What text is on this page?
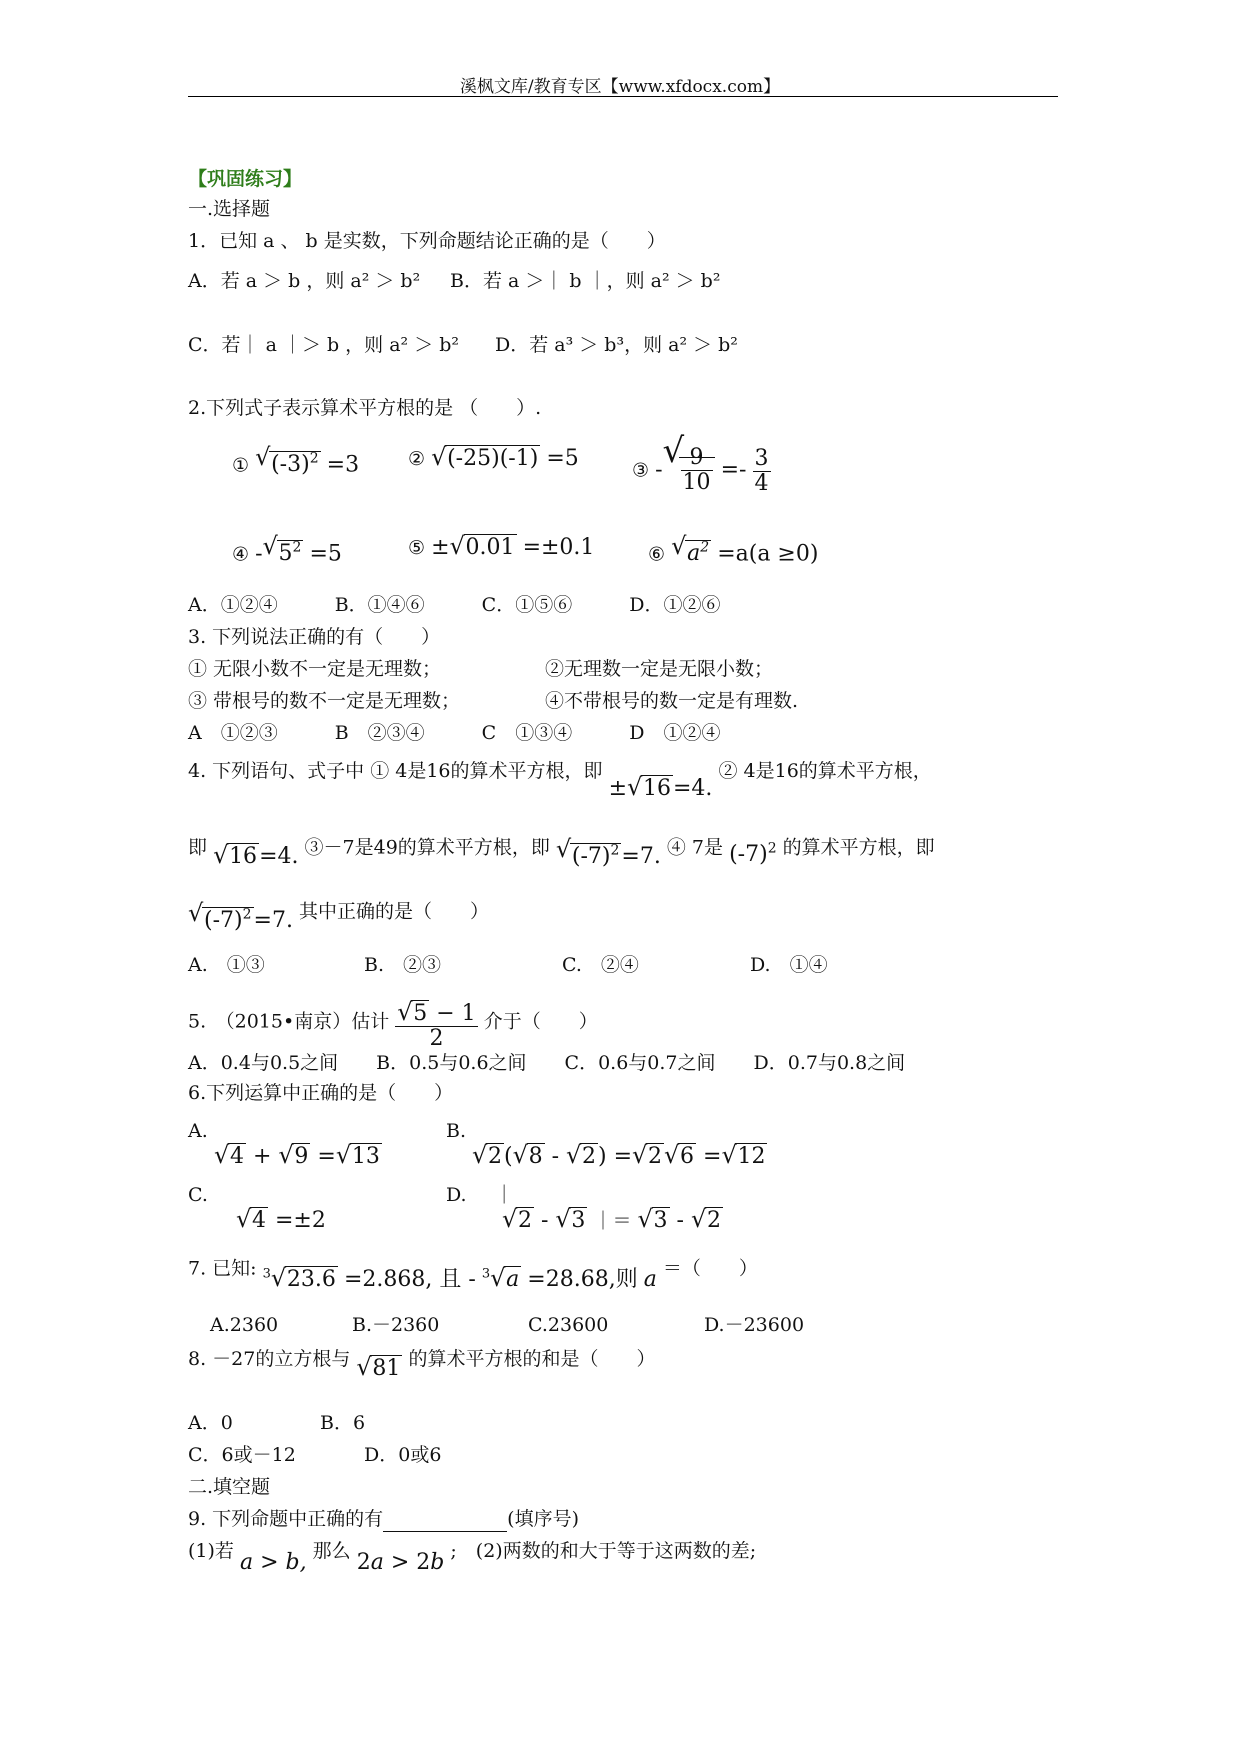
溪枫文库/教育专区【www.xfdocx.com】
【巩固练习】
一.选择题
1．已知 a 、 b 是实数，下列命题结论正确的是（　　）
A．若 a ＞ b ，则 a² ＞ b² B．若 a ＞｜ b ｜，则 a² ＞ b²
C．若｜ a ｜＞ b ，则 a² ＞ b² D．若 a³ ＞ b³，则 a² ＞ b²
2.下列式子表示算术平方根的是 （　　）.
① √ $(-3)^2 =3$	② √ (-25)(-1) =5	③ - √
$\frac{9}{10} =- \frac{3}{4}$
④ - √ $5^2 =5$	⑤ ± √ 0.01 =±0.1	⑥ √ $a^2 =a(a \ge 0)$
A．①②④　　　B．①④⑥　　　C．①⑤⑥　　　D．①②⑥
3. 下列说法正确的有（　　）
① 无限小数不一定是无理数；	②无理数一定是无限小数；
③ 带根号的数不一定是无理数；	④不带根号的数一定是有理数.
A　①②③　　　B　②③④　　　C　①③④　　　D　①②④
4. 下列语句、式子中 ① 4是16的算术平方根，即 ± √ 16=4. ② 4是16的算术平方根，
即 √ 16=4. ③－7是49的算术平方根，即 √ $(-7)^2=7$. ④ 7是 $(-7)^2$ 的算术平方根，即
√ $(-7)^2=7$. 其中正确的是（　　）
A.　①③	B.　②③	C.　②④	D.　①④
5.　（2015•南京）估计 $\frac{√ 5 - 1}{2}$ 介于（　　）
A．0.4与0.5之间　　B．0.5与0.6之间　　C．0.6与0.7之间　　D．0.7与0.8之间
6.下列运算中正确的是（　　）
A.

√ 4 + √ 9 = √ 13
B.

√ 2( √ 8 - √ 2) = √ 2 √ 6 = √ 12
C.

√ 4 =±2
D. ｜

√ 2 - √ 3 ｜＝ √ 3 - √ 2
7. 已知: $^3$ √ 23.6 =2.868, 且 - $^3$ √ a =28.68,则 a ＝（　　）
A.2360	B.－2360	C.23600	D.－23600
8. －27的立方根与 √ 81 的算术平方根的和是（　　）
A．0	B．6
C．6或－12	D．0或6
二.填空题
9. 下列命题中正确的有	(填序号)
(1)若 a > b, 那么 2a > 2b ;　(2)两数的和大于等于这两数的差;
